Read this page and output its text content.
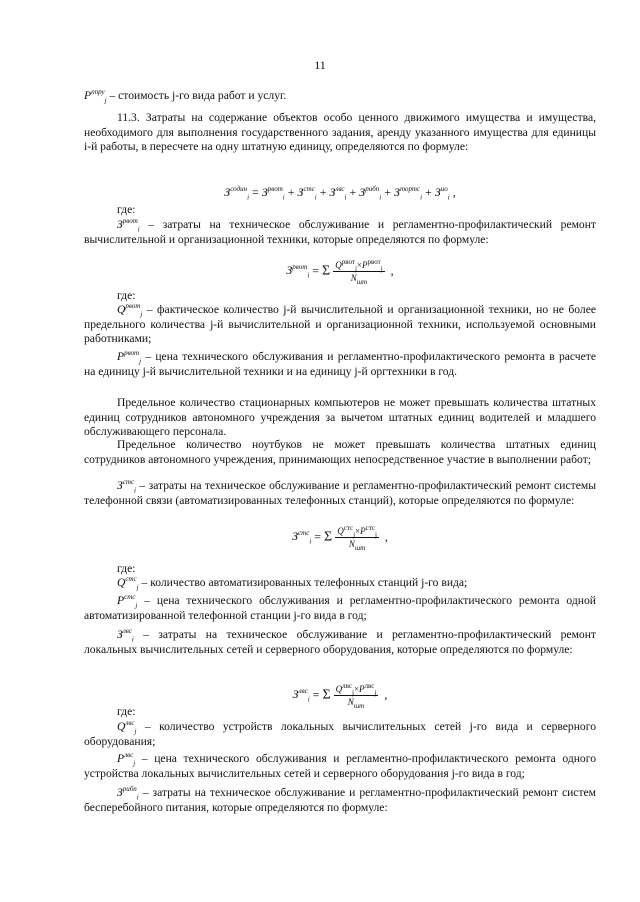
11
$P^{ппру}_j$ – стоимость j-го вида работ и услуг.
11.3. Затраты на содержание объектов особо ценного движимого имущества и имущества, необходимого для выполнения государственного задания, аренду указанного имущества для единицы i-й работы, в пересчете на одну штатную единицу, определяются по формуле:
$З^{содин}_i = З^{рвот}_i + З^{стс}_i + З^{лвс}_i + З^{рибп}_i + З^{тортс}_i + З^{ио}_i$ ,
где:
$З^{рвот}_i$ – затраты на техническое обслуживание и регламентно-профилактический ремонт вычислительной и организационной техники, которые определяются по формуле:
$З^{рвот}_i = \Sigma \frac{Q^{рвот}_j\times P^{рвот}_j}{N_{шт}}$ ,
где:
$Q^{рвот}_j$ – фактическое количество j-й вычислительной и организационной техники, но не более предельного количества j-й вычислительной и организационной техники, используемой основными работниками;
$P^{рвот}_j$ – цена технического обслуживания и регламентно-профилактического ремонта в расчете на единицу j-й вычислительной техники и на единицу j-й оргтехники в год.
Предельное количество стационарных компьютеров не может превышать количества штатных единиц сотрудников автономного учреждения за вычетом штатных единиц водителей и младшего обслуживающего персонала.
Предельное количество ноутбуков не может превышать количества штатных единиц сотрудников автономного учреждения, принимающих непосредственное участие в выполнении работ;
$З^{стс}_i$ – затраты на техническое обслуживание и регламентно-профилактический ремонт системы телефонной связи (автоматизированных телефонных станций), которые определяются по формуле:
$З^{стс}_i = \Sigma \frac{Q^{стс}_j\times P^{стс}_j}{N_{шт}}$ ,
где:
$Q^{стс}_j$ – количество автоматизированных телефонных станций j-го вида;
$P^{стс}_j$ – цена технического обслуживания и регламентно-профилактического ремонта одной автоматизированной телефонной станции j-го вида в год;
$З^{лвс}_i$ – затраты на техническое обслуживание и регламентно-профилактический ремонт локальных вычислительных сетей и серверного оборудования, которые определяются по формуле:
$З^{лвс}_i = \Sigma \frac{Q^{лвс}_j\times P^{лвс}_j}{N_{шт}}$ ,
где:
$Q^{лвс}_j$ – количество устройств локальных вычислительных сетей j-го вида и серверного оборудования;
$P^{лвс}_j$ – цена технического обслуживания и регламентно-профилактического ремонта одного устройства локальных вычислительных сетей и серверного оборудования j-го вида в год;
$З^{рибп}_i$ – затраты на техническое обслуживание и регламентно-профилактический ремонт систем бесперебойного питания, которые определяются по формуле:
